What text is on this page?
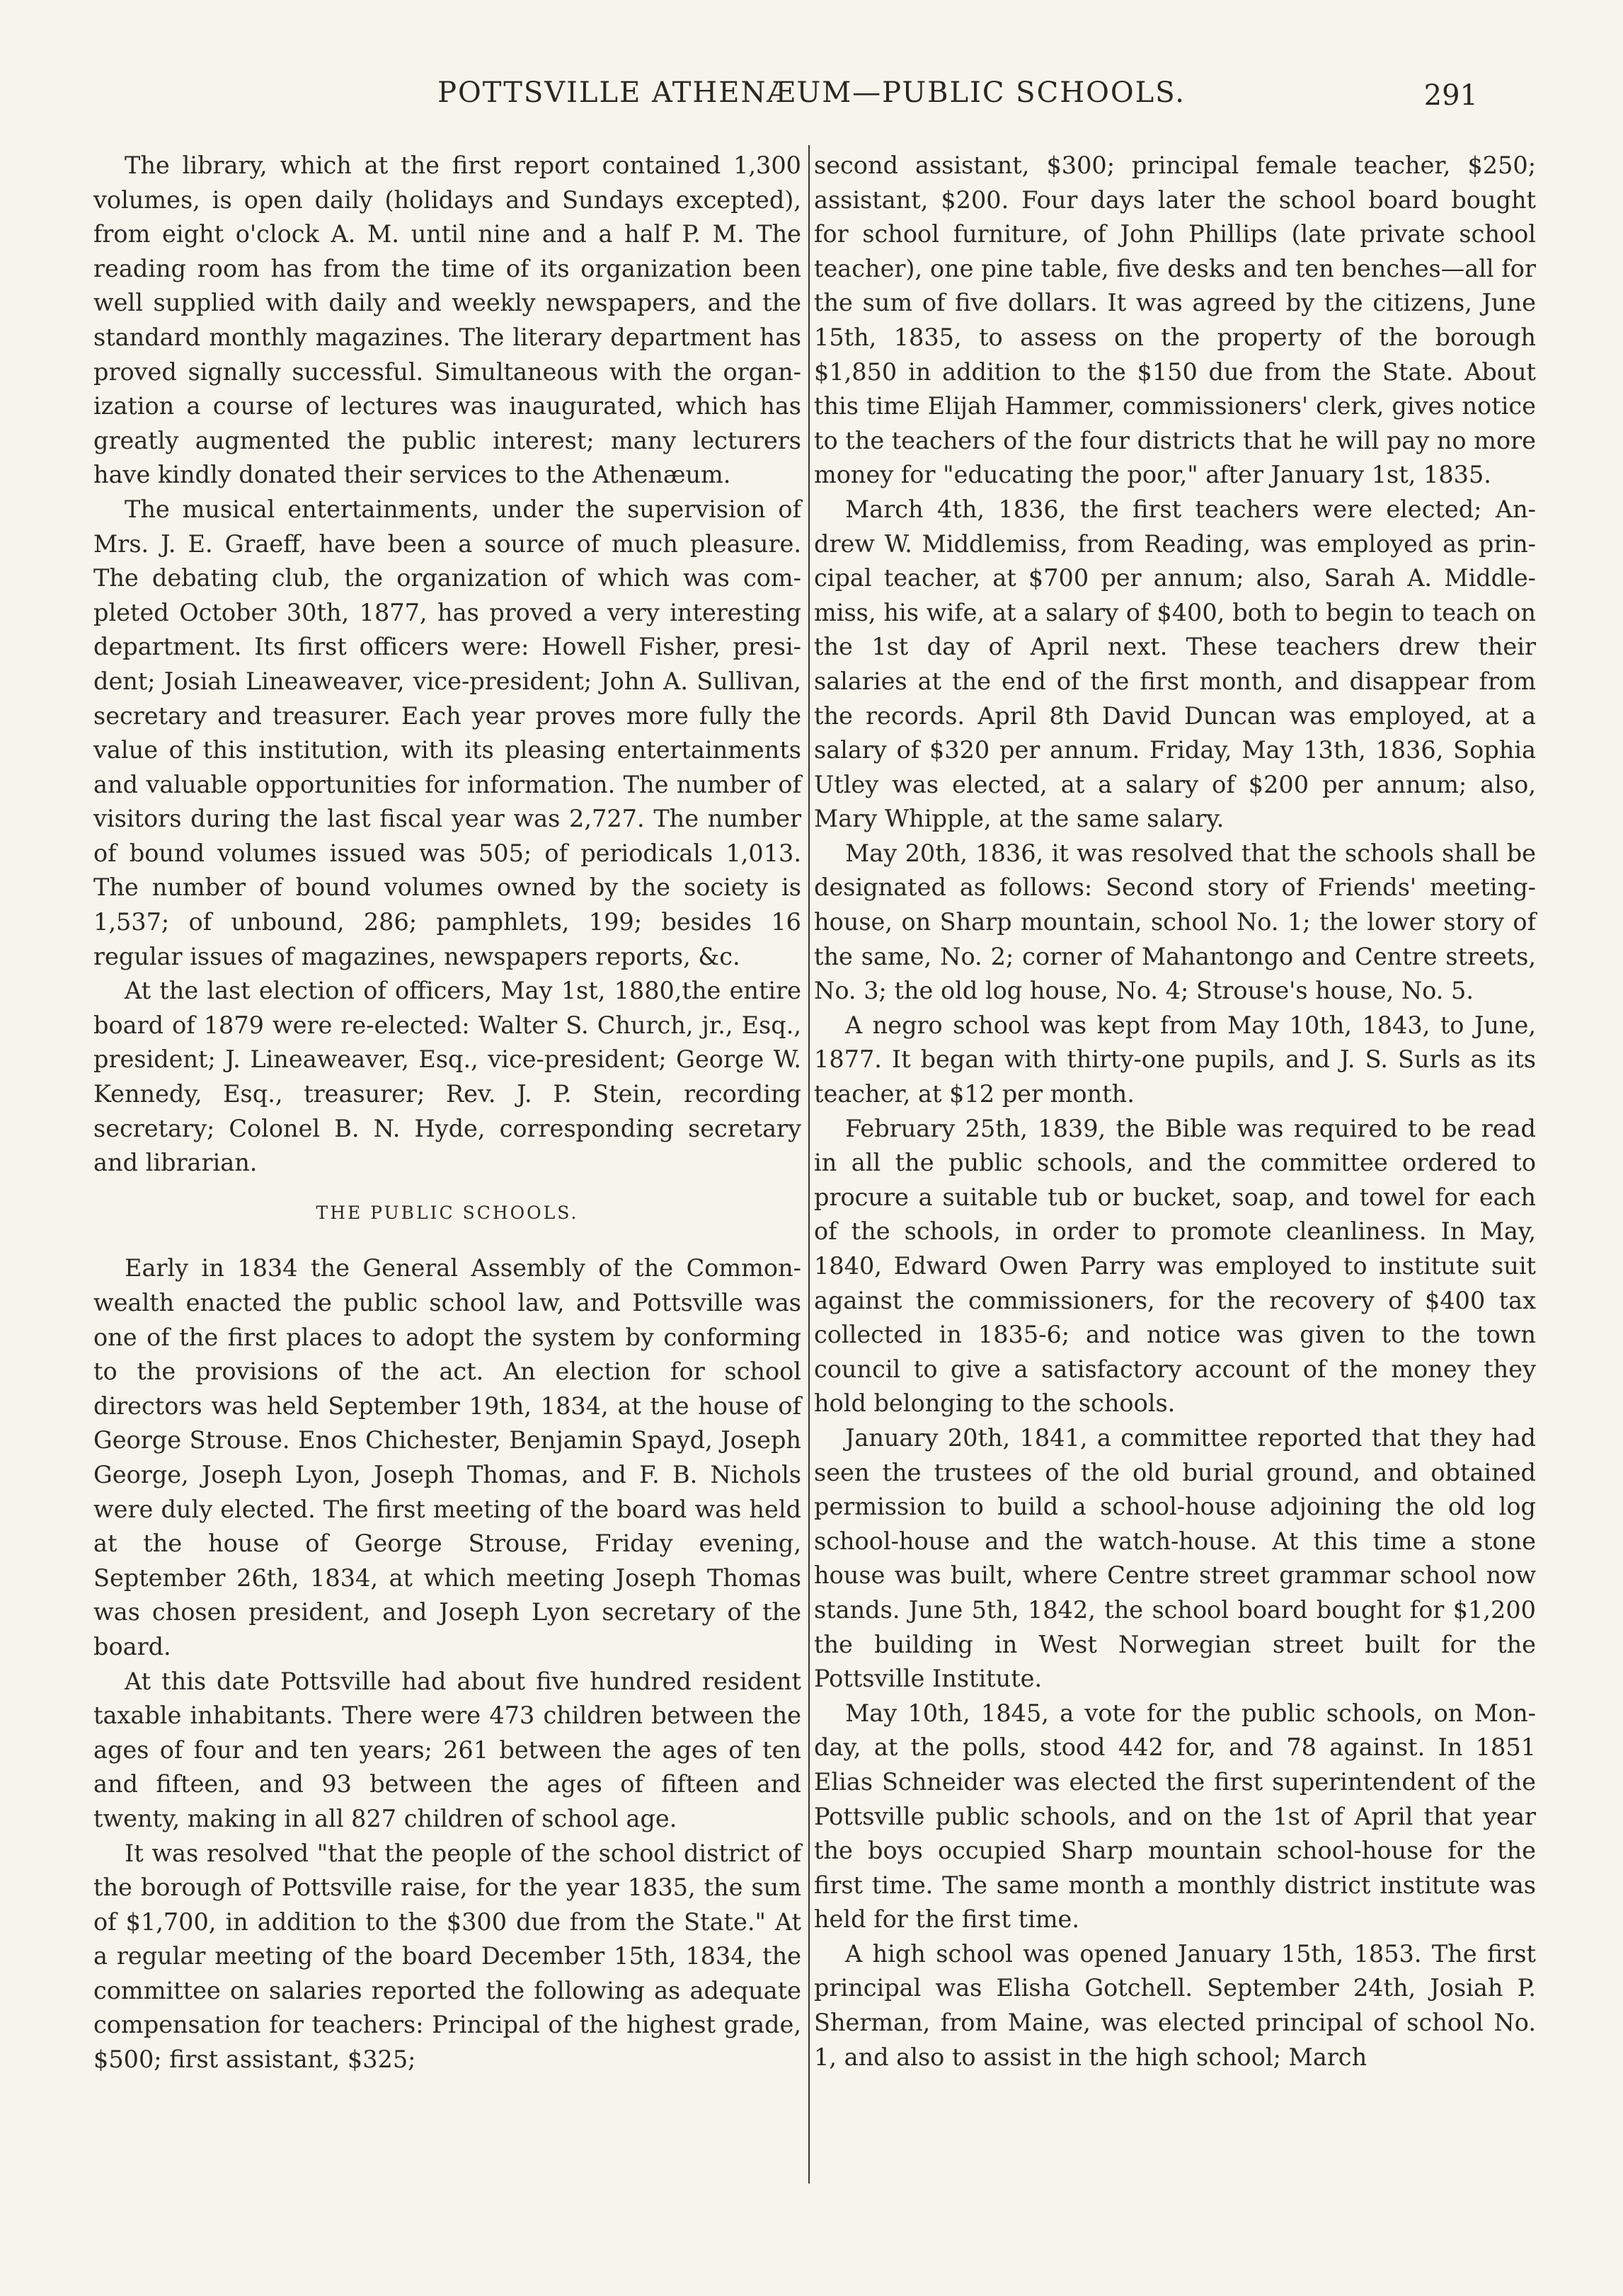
POTTSVILLE ATHENÆUM—PUBLIC SCHOOLS.	291

The library, which at the first report contained 1,300 volumes, is open daily (holidays and Sundays excepted), from eight o'clock A. M. until nine and a half P. M. The reading room has from the time of its organization been well supplied with daily and weekly newspapers, and the standard monthly magazines. The literary department has proved signally successful. Simultaneous with the organization a course of lectures was inaugurated, which has greatly augmented the public interest; many lecturers have kindly donated their services to the Athenæum.

The musical entertainments, under the supervision of Mrs. J. E. Graeff, have been a source of much pleasure. The debating club, the organization of which was completed October 30th, 1877, has proved a very interesting department. Its first officers were: Howell Fisher, president; Josiah Lineaweaver, vice-president; John A. Sullivan, secretary and treasurer. Each year proves more fully the value of this institution, with its pleasing entertainments and valuable opportunities for information. The number of visitors during the last fiscal year was 2,727. The number of bound volumes issued was 505; of periodicals 1,013. The number of bound volumes owned by the society is 1,537; of unbound, 286; pamphlets, 199; besides 16 regular issues of magazines, newspapers reports, &c.

At the last election of officers, May 1st, 1880,the entire board of 1879 were re-elected: Walter S. Church, jr., Esq., president; J. Lineaweaver, Esq., vice-president; George W. Kennedy, Esq., treasurer; Rev. J. P. Stein, recording secretary; Colonel B. N. Hyde, corresponding secretary and librarian.

THE PUBLIC SCHOOLS.

Early in 1834 the General Assembly of the Commonwealth enacted the public school law, and Pottsville was one of the first places to adopt the system by conforming to the provisions of the act. An election for school directors was held September 19th, 1834, at the house of George Strouse. Enos Chichester, Benjamin Spayd, Joseph George, Joseph Lyon, Joseph Thomas, and F. B. Nichols were duly elected. The first meeting of the board was held at the house of George Strouse, Friday evening, September 26th, 1834, at which meeting Joseph Thomas was chosen president, and Joseph Lyon secretary of the board.

At this date Pottsville had about five hundred resident taxable inhabitants. There were 473 children between the ages of four and ten years; 261 between the ages of ten and fifteen, and 93 between the ages of fifteen and twenty, making in all 827 children of school age.

It was resolved "that the people of the school district of the borough of Pottsville raise, for the year 1835, the sum of $1,700, in addition to the $300 due from the State." At a regular meeting of the board December 15th, 1834, the committee on salaries reported the following as adequate compensation for teachers: Principal of the highest grade, $500; first assistant, $325;

second assistant, $300; principal female teacher, $250; assistant, $200. Four days later the school board bought for school furniture, of John Phillips (late private school teacher), one pine table, five desks and ten benches—all for the sum of five dollars. It was agreed by the citizens, June 15th, 1835, to assess on the property of the borough $1,850 in addition to the $150 due from the State. About this time Elijah Hammer, commissioners' clerk, gives notice to the teachers of the four districts that he will pay no more money for "educating the poor," after January 1st, 1835.

March 4th, 1836, the first teachers were elected; Andrew W. Middlemiss, from Reading, was employed as principal teacher, at $700 per annum; also, Sarah A. Middlemiss, his wife, at a salary of $400, both to begin to teach on the 1st day of April next. These teachers drew their salaries at the end of the first month, and disappear from the records. April 8th David Duncan was employed, at a salary of $320 per annum. Friday, May 13th, 1836, Sophia Utley was elected, at a salary of $200 per annum; also, Mary Whipple, at the same salary.

May 20th, 1836, it was resolved that the schools shall be designated as follows: Second story of Friends' meeting-house, on Sharp mountain, school No. 1; the lower story of the same, No. 2; corner of Mahantongo and Centre streets, No. 3; the old log house, No. 4; Strouse's house, No. 5.

A negro school was kept from May 10th, 1843, to June, 1877. It began with thirty-one pupils, and J. S. Surls as its teacher, at $12 per month.

February 25th, 1839, the Bible was required to be read in all the public schools, and the committee ordered to procure a suitable tub or bucket, soap, and towel for each of the schools, in order to promote cleanliness. In May, 1840, Edward Owen Parry was employed to institute suit against the commissioners, for the recovery of $400 tax collected in 1835-6; and notice was given to the town council to give a satisfactory account of the money they hold belonging to the schools.

January 20th, 1841, a committee reported that they had seen the trustees of the old burial ground, and obtained permission to build a school-house adjoining the old log school-house and the watch-house. At this time a stone house was built, where Centre street grammar school now stands. June 5th, 1842, the school board bought for $1,200 the building in West Norwegian street built for the Pottsville Institute.

May 10th, 1845, a vote for the public schools, on Monday, at the polls, stood 442 for, and 78 against. In 1851 Elias Schneider was elected the first superintendent of the Pottsville public schools, and on the 1st of April that year the boys occupied Sharp mountain school-house for the first time. The same month a monthly district institute was held for the first time.

A high school was opened January 15th, 1853. The first principal was Elisha Gotchell. September 24th, Josiah P. Sherman, from Maine, was elected principal of school No. 1, and also to assist in the high school; March
